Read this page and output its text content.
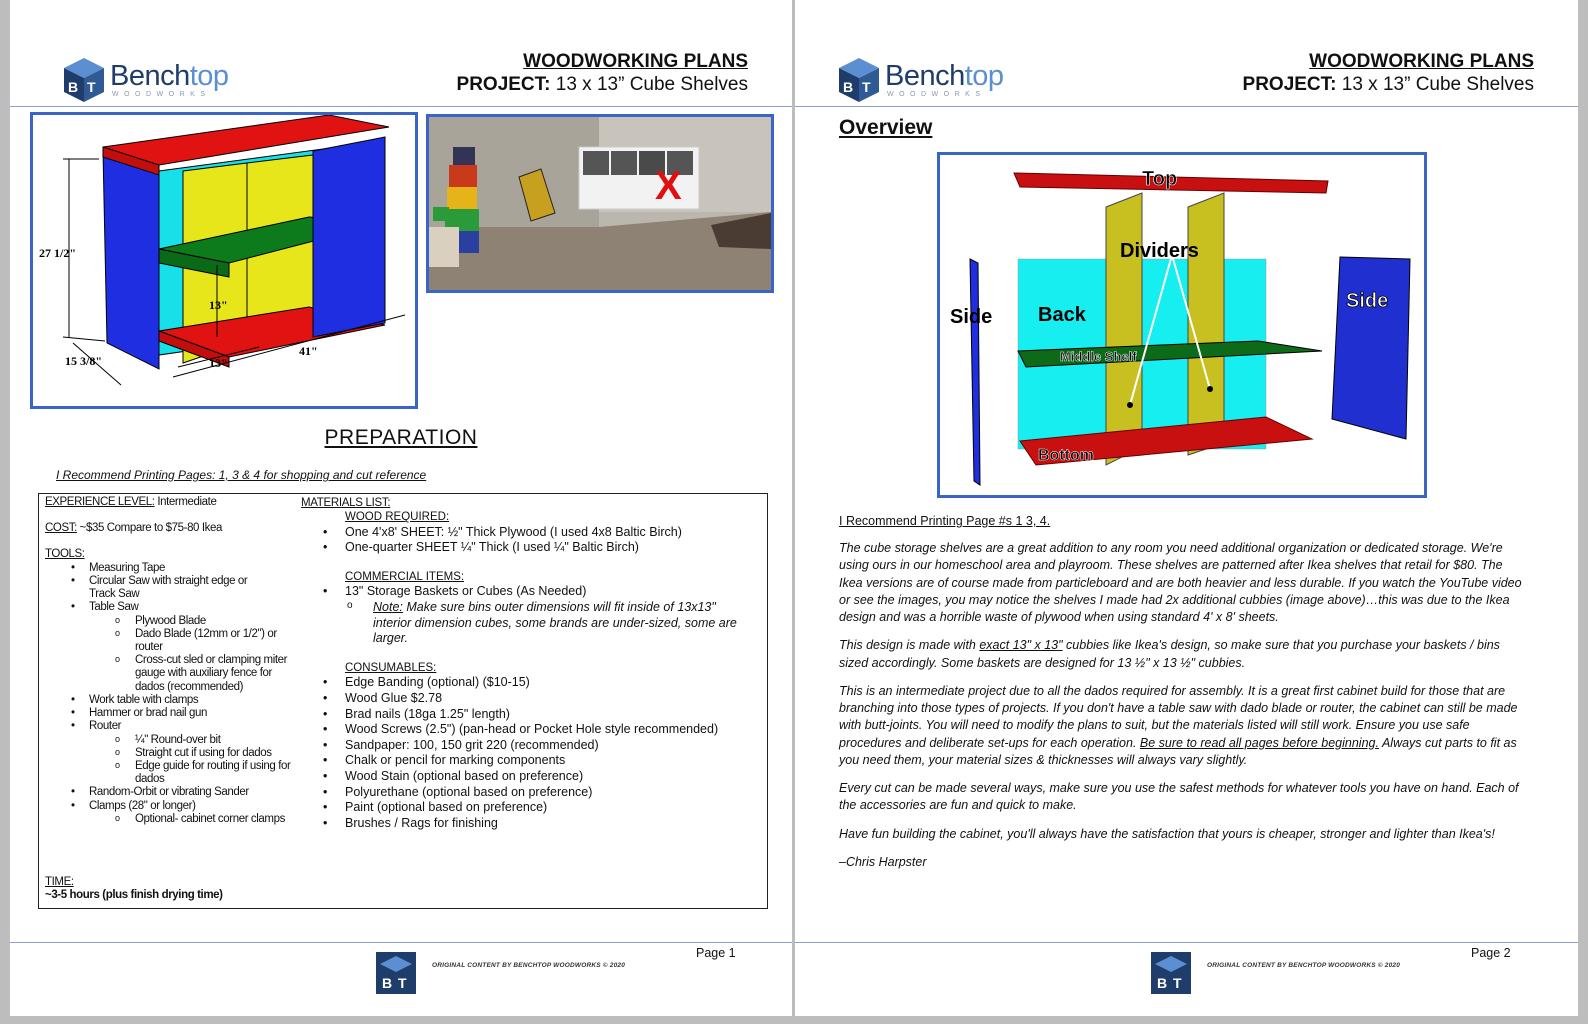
B T Benchtop
WOODWORKS
WOODWORKING PLANS
PROJECT: 13 x 13” Cube Shelves
27 1/2"
15 3/8"
41"
13"
13"
X
PREPARATION
I Recommend Printing Pages: 1, 3 & 4 for shopping and cut reference
EXPERIENCE LEVEL: Intermediate
COST: ~$35 Compare to $75-80 Ikea
TOOLS:
• Measuring Tape
• Circular Saw with straight edge or Track Saw
• Table Saw
o Plywood Blade
o Dado Blade (12mm or 1/2") or router
o Cross-cut sled or clamping miter gauge with auxiliary fence for dados (recommended)
• Work table with clamps
• Hammer or brad nail gun
• Router
o ¼" Round-over bit
o Straight cut if using for dados
o Edge guide for routing if using for dados
• Random-Orbit or vibrating Sander
• Clamps (28" or longer)
o Optional- cabinet corner clamps
TIME:
~3-5 hours (plus finish drying time)
MATERIALS LIST:
WOOD REQUIRED:
• One 4'x8' SHEET: ½" Thick Plywood (I used 4x8 Baltic Birch)
• One-quarter SHEET ¼" Thick (I used ¼" Baltic Birch)
COMMERCIAL ITEMS:
• 13" Storage Baskets or Cubes (As Needed)
o Note: Make sure bins outer dimensions will fit inside of 13x13" interior dimension cubes, some brands are under-sized, some are larger.
CONSUMABLES:
• Edge Banding (optional) ($10-15)
• Wood Glue $2.78
• Brad nails (18ga 1.25" length)
• Wood Screws (2.5") (pan-head or Pocket Hole style recommended)
• Sandpaper: 100, 150 grit 220 (recommended)
• Chalk or pencil for marking components
• Wood Stain (optional based on preference)
• Polyurethane (optional based on preference)
• Paint (optional based on preference)
• Brushes / Rags for finishing
B T
ORIGINAL CONTENT BY BENCHTOP WOODWORKS © 2020
Page 1
B T Benchtop
WOODWORKS
WOODWORKING PLANS
PROJECT: 13 x 13” Cube Shelves
Overview
Top
Dividers
Side
Side
Back
Middle Shelf
Bottom
I Recommend Printing Page #s 1 3, 4.

The cube storage shelves are a great addition to any room you need additional organization or dedicated storage. We're using ours in our homeschool area and playroom. These shelves are patterned after Ikea shelves that retail for $80. The Ikea versions are of course made from particleboard and are both heavier and less durable. If you watch the YouTube video or see the images, you may notice the shelves I made had 2x additional cubbies (image above)…this was due to the Ikea design and was a horrible waste of plywood when using standard 4' x 8' sheets.

This design is made with exact 13" x 13" cubbies like Ikea's design, so make sure that you purchase your baskets / bins sized accordingly. Some baskets are designed for 13 ½" x 13 ½" cubbies.

This is an intermediate project due to all the dados required for assembly. It is a great first cabinet build for those that are branching into those types of projects. If you don't have a table saw with dado blade or router, the cabinet can still be made with butt-joints. You will need to modify the plans to suit, but the materials listed will still work. Ensure you use safe procedures and deliberate set-ups for each operation. Be sure to read all pages before beginning. Always cut parts to fit as you need them, your material sizes & thicknesses will always vary slightly.

Every cut can be made several ways, make sure you use the safest methods for whatever tools you have on hand. Each of the accessories are fun and quick to make.

Have fun building the cabinet, you'll always have the satisfaction that yours is cheaper, stronger and lighter than Ikea's!

–Chris Harpster

B T
ORIGINAL CONTENT BY BENCHTOP WOODWORKS © 2020
Page 2
